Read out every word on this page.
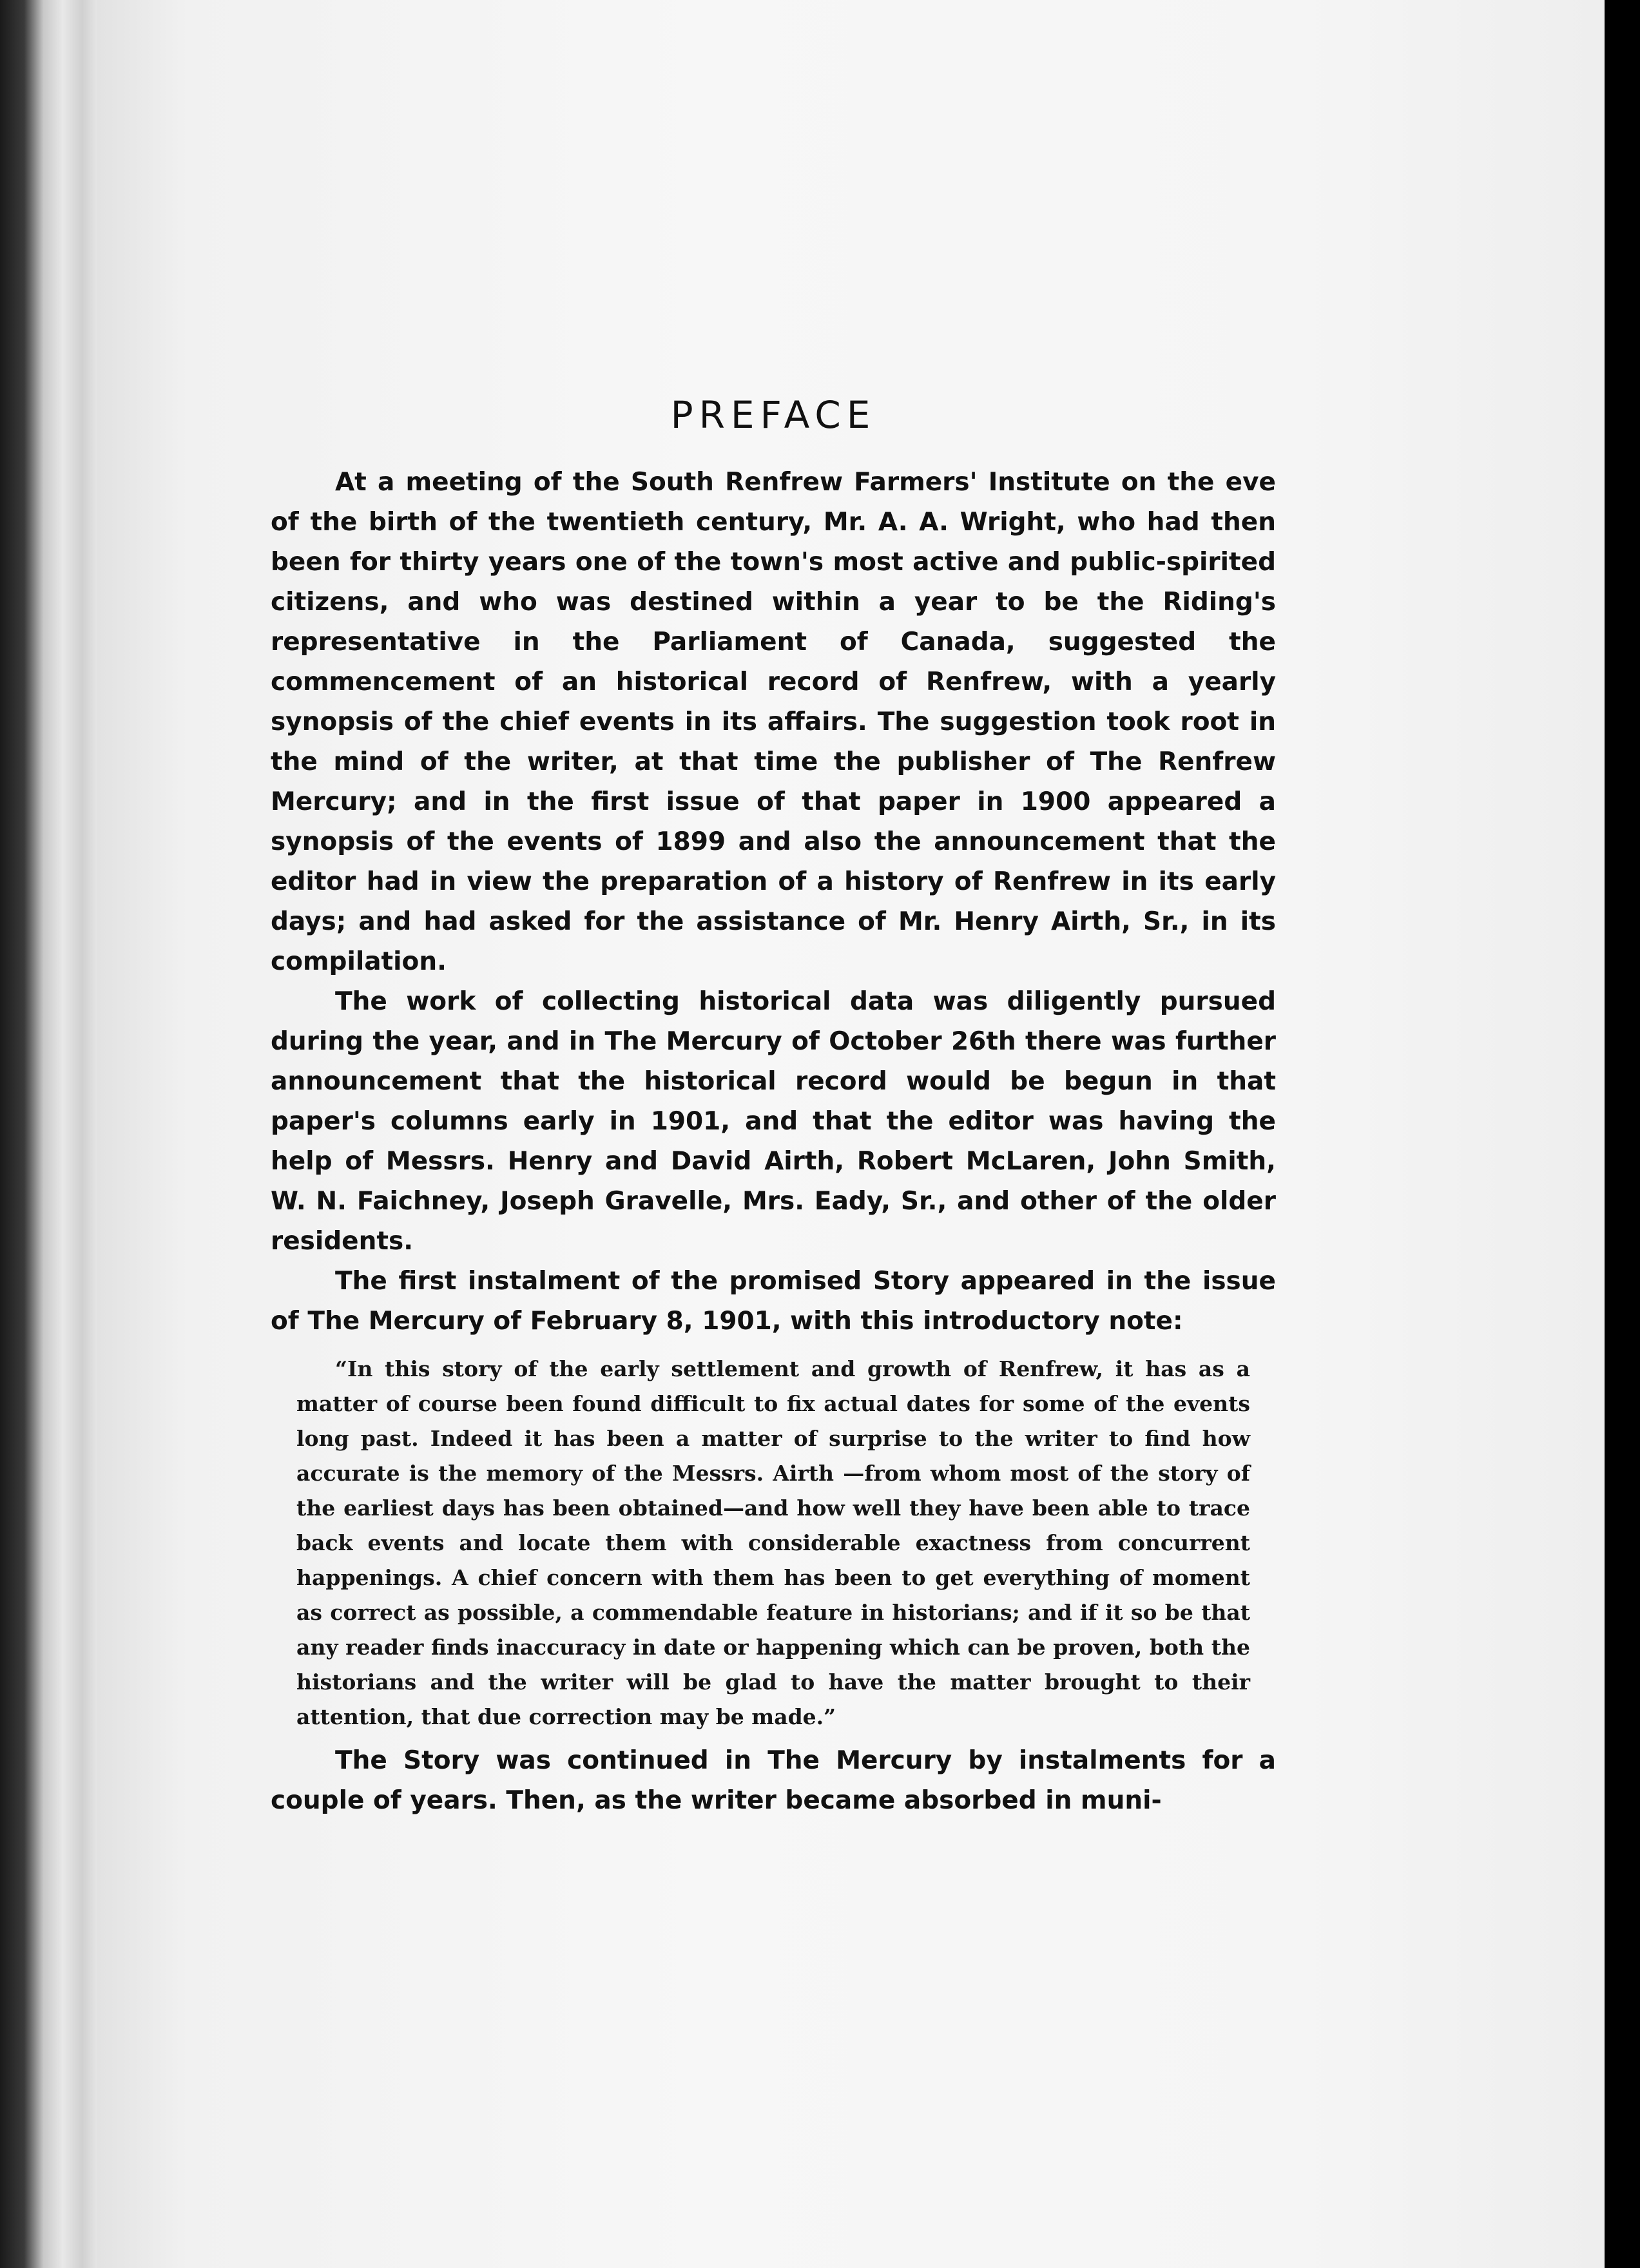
PREFACE

At a meeting of the South Renfrew Farmers' Institute on the eve of the birth of the twentieth century, Mr. A. A. Wright, who had then been for thirty years one of the town's most active and public-spirited citizens, and who was destined within a year to be the Riding's representative in the Parliament of Canada, suggested the commencement of an historical record of Renfrew, with a yearly synopsis of the chief events in its affairs. The suggestion took root in the mind of the writer, at that time the publisher of The Renfrew Mercury; and in the first issue of that paper in 1900 appeared a synopsis of the events of 1899 and also the announcement that the editor had in view the preparation of a history of Renfrew in its early days; and had asked for the assistance of Mr. Henry Airth, Sr., in its compilation.

The work of collecting historical data was diligently pursued during the year, and in The Mercury of October 26th there was further announcement that the historical record would be begun in that paper's columns early in 1901, and that the editor was having the help of Messrs. Henry and David Airth, Robert McLaren, John Smith, W. N. Faichney, Joseph Gravelle, Mrs. Eady, Sr., and other of the older residents.

The first instalment of the promised Story appeared in the issue of The Mercury of February 8, 1901, with this introductory note:

“In this story of the early settlement and growth of Renfrew, it has as a matter of course been found difficult to fix actual dates for some of the events long past. Indeed it has been a matter of surprise to the writer to find how accurate is the memory of the Messrs. Airth —from whom most of the story of the earliest days has been obtained—and how well they have been able to trace back events and locate them with considerable exactness from concurrent happenings. A chief concern with them has been to get everything of moment as correct as possible, a commendable feature in historians; and if it so be that any reader finds inaccuracy in date or happening which can be proven, both the historians and the writer will be glad to have the matter brought to their attention, that due correction may be made.”

The Story was continued in The Mercury by instalments for a couple of years. Then, as the writer became absorbed in muni-
